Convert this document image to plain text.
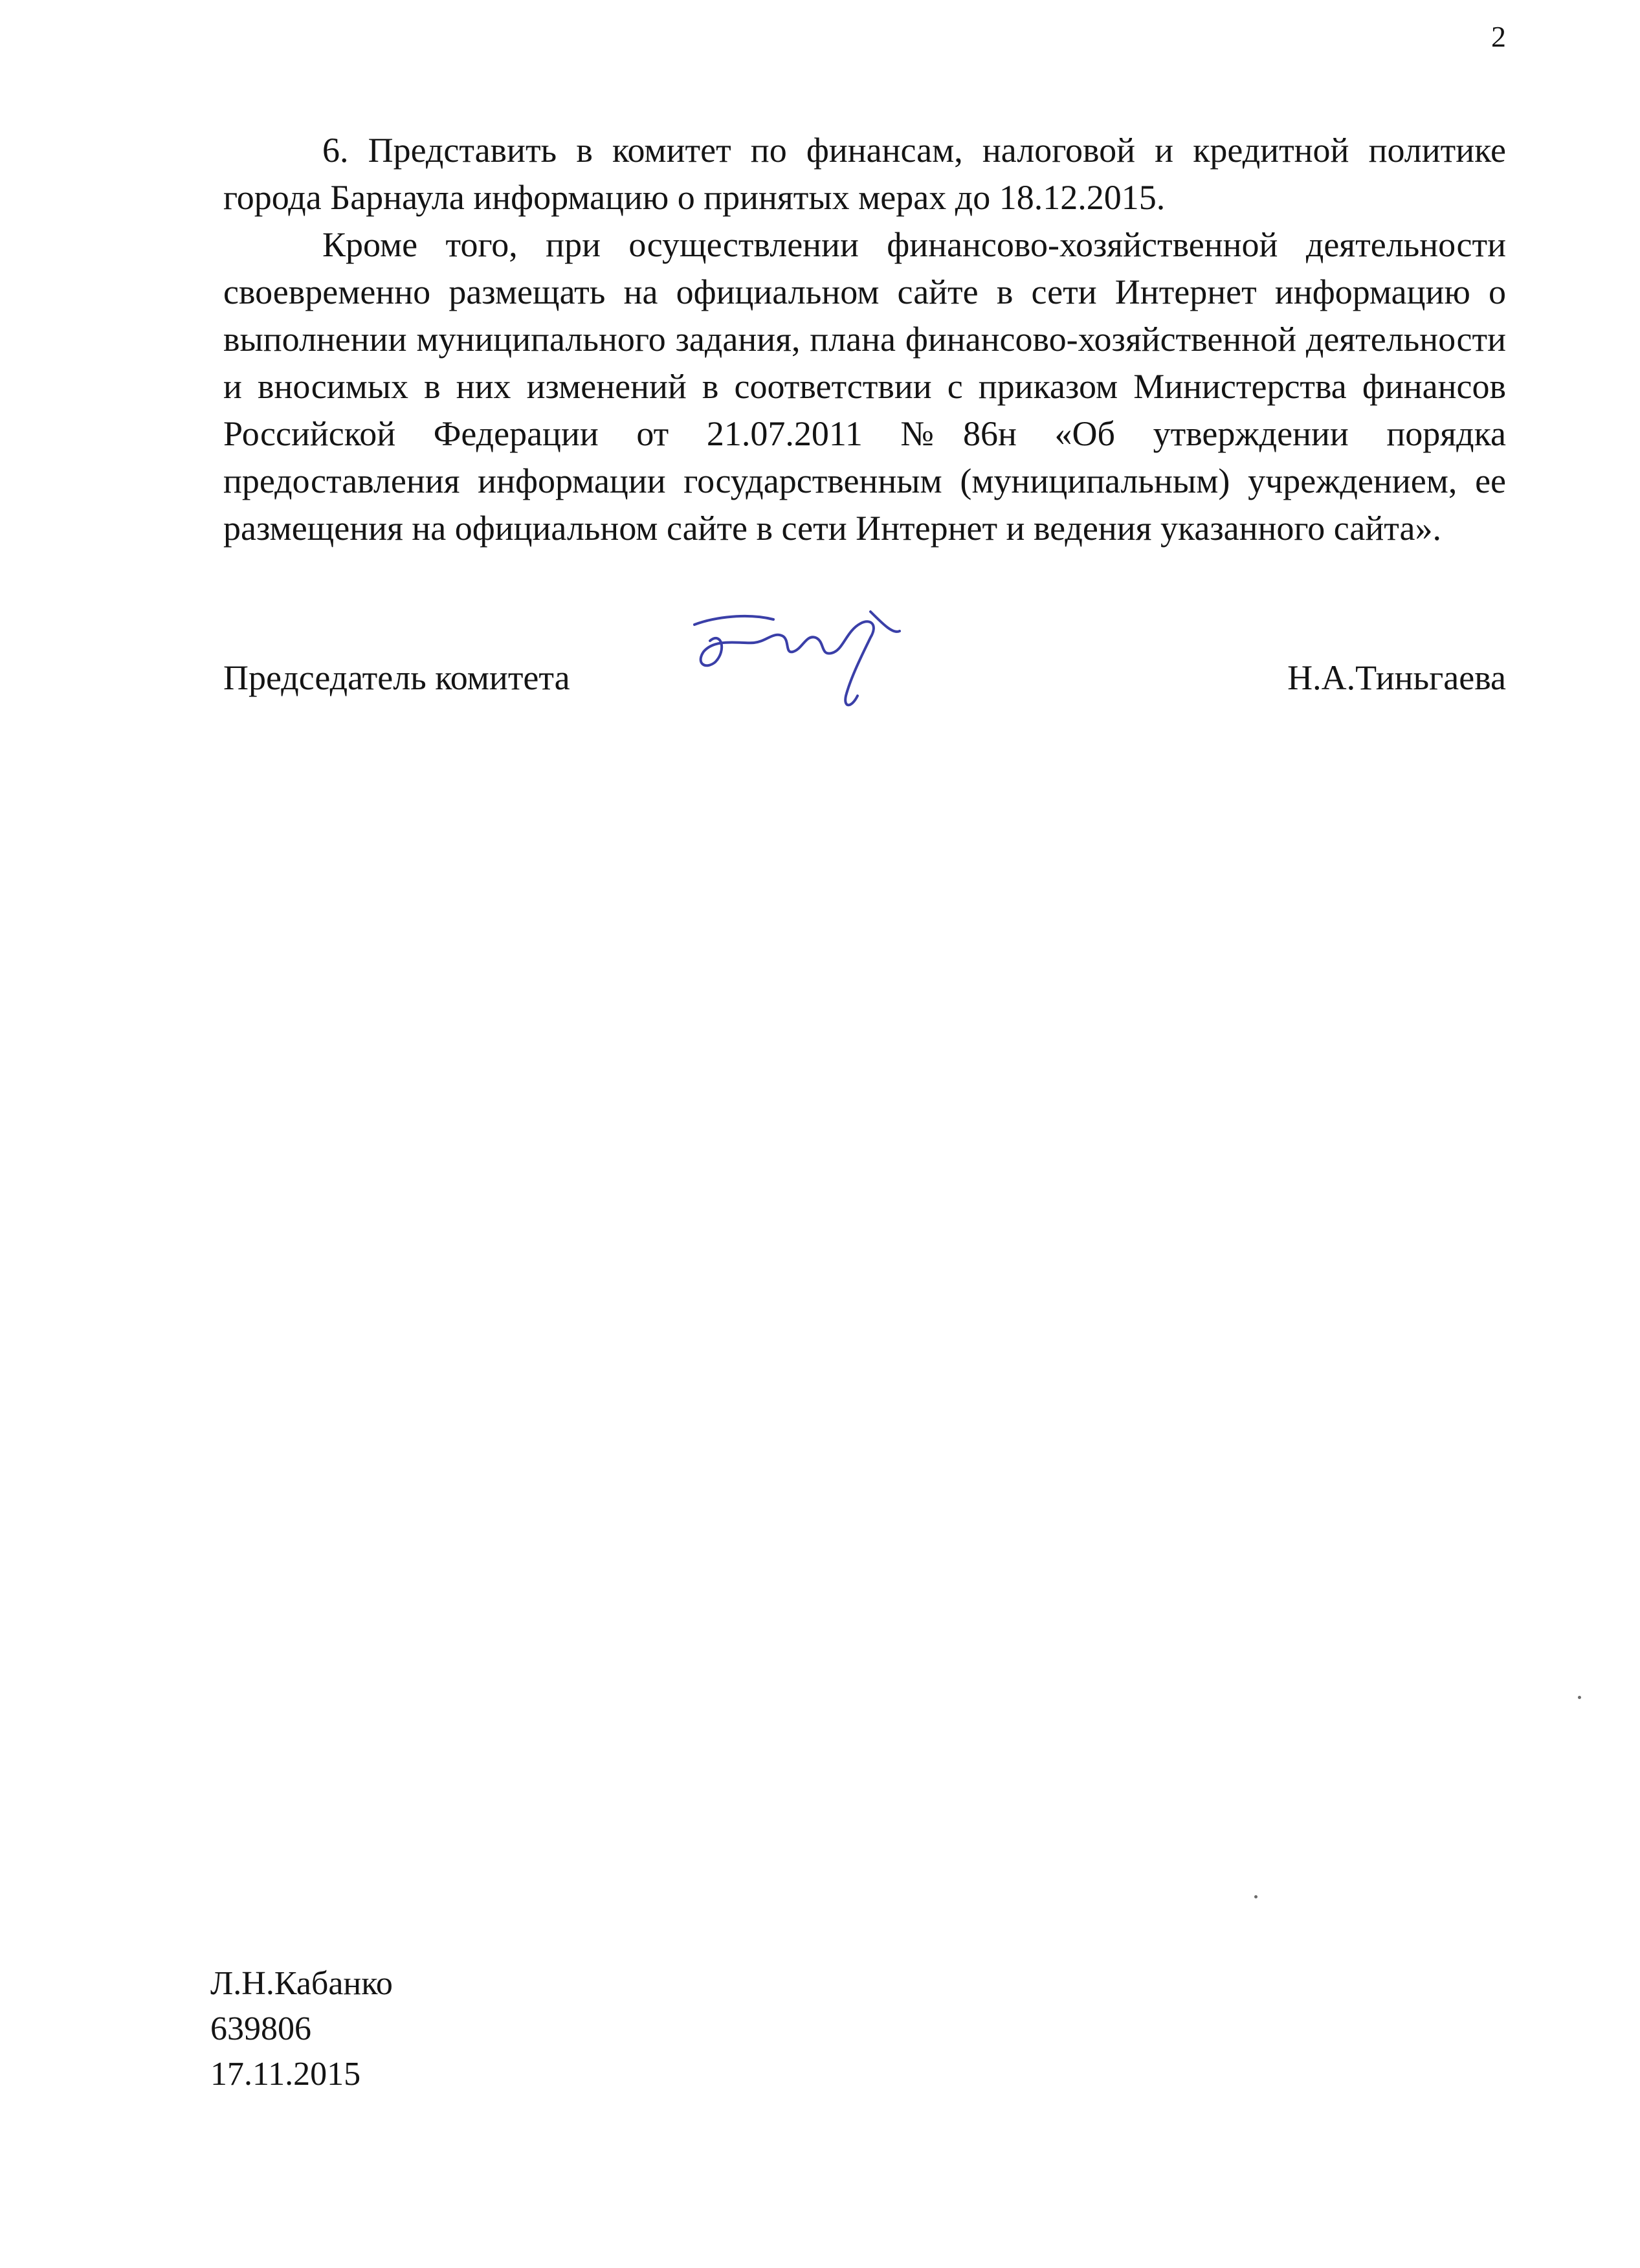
2

6. Представить в комитет по финансам, налоговой и кредитной политике города Барнаула информацию о принятых мерах до 18.12.2015.

Кроме того, при осуществлении финансово-хозяйственной деятельности своевременно размещать на официальном сайте в сети Интернет информацию о выполнении муниципального задания, плана финансово-хозяйственной деятельности и вносимых в них изменений в соответствии с приказом Министерства финансов Российской Федерации от 21.07.2011 №86н «Об утверждении порядка предоставления информации государственным (муниципальным) учреждением, ее размещения на официальном сайте в сети Интернет и ведения указанного сайта».

Председатель комитета	Н.А.Тиньгаева
Л.Н.Кабанко
639806
17.11.2015
